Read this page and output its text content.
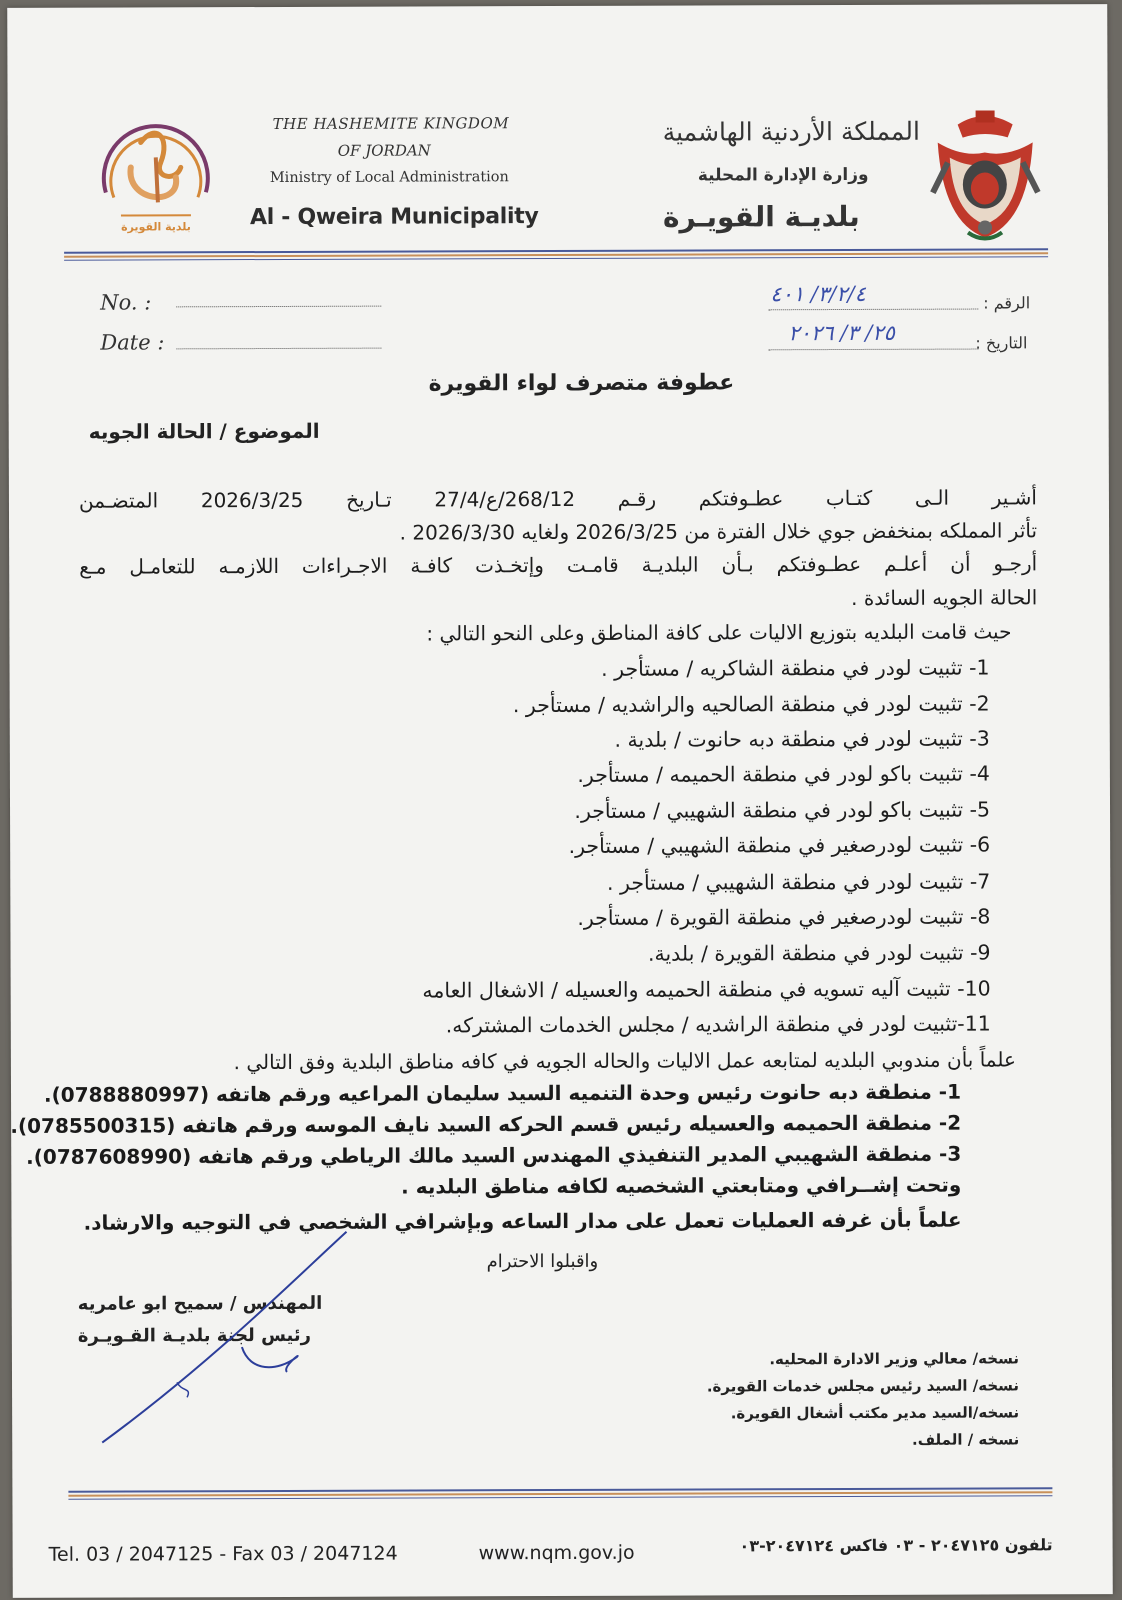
بلدية القويرة
THE HASHEMITE KINGDOM
OF JORDAN
Ministry of Local Administration
Al - Qweira Municipality
المملكة الأردنية الهاشمية
وزارة الإدارة المحلية
بلديـة القويـرة
No. :
Date :
الرقم :
٣/٢/٤/ ٤٠١
التاريخ :
٢٥/ ٣/ ٢٠٢٦
عطوفة متصرف لواء القويرة
الموضوع / الحالة الجويه
أشـير الـى كتـاب عطـوفتكم رقـم 268/12/ع/27/4 تـاريخ 2026/3/25 المتضـمن
تأثر المملكه بمنخفض جوي خلال الفترة من 2026/3/25 ولغايه 2026/3/30 .
أرجـو أن أعلـم عطـوفتكم بـأن البلديـة قامـت وإتخـذت كافـة الاجـراءات اللازمـه للتعامـل مـع
الحالة الجويه السائدة .
حيث قامت البلديه بتوزيع الاليات على كافة المناطق وعلى النحو التالي :
1- تثبيت لودر في منطقة الشاكريه / مستأجر .
2- تثبيت لودر في منطقة الصالحيه والراشديه / مستأجر .
3- تثبيت لودر في منطقة دبه حانوت / بلدية .
4- تثبيت باكو لودر في منطقة الحميمه / مستأجر.
5- تثبيت باكو لودر في منطقة الشهيبي / مستأجر.
6- تثبيت لودرصغير في منطقة الشهيبي / مستأجر.
7- تثبيت لودر في منطقة الشهيبي / مستأجر .
8- تثبيت لودرصغير في منطقة القويرة / مستأجر.
9- تثبيت لودر في منطقة القويرة / بلدية.
10- تثبيت آليه تسويه في منطقة الحميمه والعسيله / الاشغال العامه
11-تثبيت لودر في منطقة الراشديه / مجلس الخدمات المشتركه.
علماً بأن مندوبي البلديه لمتابعه عمل الاليات والحاله الجويه في كافه مناطق البلدية وفق التالي .
1- منطقة دبه حانوت رئيس وحدة التنميه السيد سليمان المراعيه ورقم هاتفه (0788880997).
2- منطقة الحميمه والعسيله رئيس قسم الحركه السيد نايف الموسه ورقم هاتفه (0785500315).
3- منطقة الشهيبي المدير التنفيذي المهندس السيد مالك الرياطي ورقم هاتفه (0787608990).
وتحت إشــرافي ومتابعتي الشخصيه لكافه مناطق البلديه .
علماً بأن غرفه العمليات تعمل على مدار الساعه وبإشرافي الشخصي في التوجيه والارشاد.
واقبلوا الاحترام
المهندس / سميح ابو عامريه
رئيس لجنة بلديـة القـويـرة
نسخه/ معالي وزير الادارة المحليه.
نسخه/ السيد رئيس مجلس خدمات القويرة.
نسخه/السيد مدير مكتب أشغال القويرة.
نسخه / الملف.
Tel. 03 / 2047125 - Fax 03 / 2047124	www.nqm.gov.jo	تلفون ٢٠٤٧١٢٥ - ٠٣ فاكس ٢٠٤٧١٢٤-٠٣
